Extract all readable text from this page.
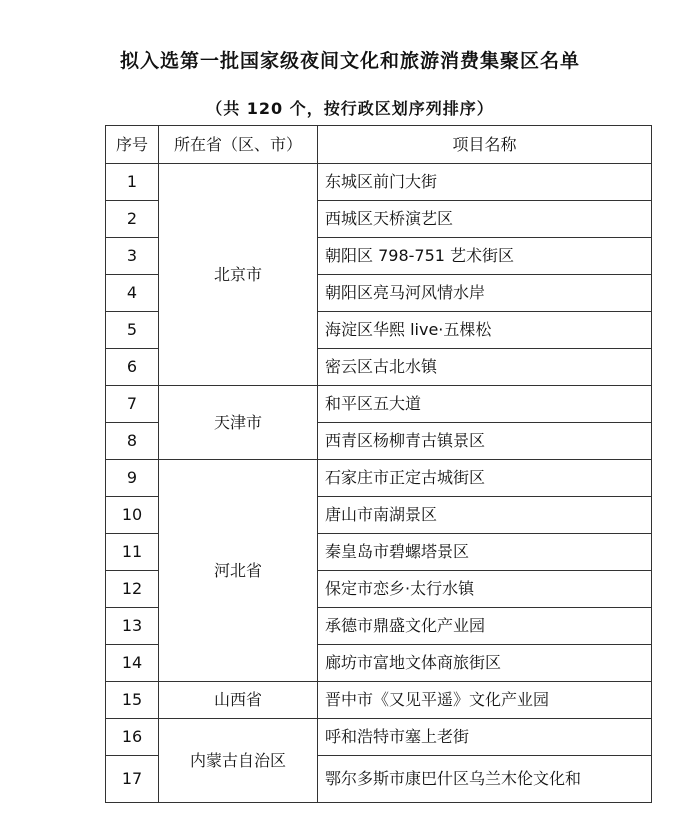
拟入选第一批国家级夜间文化和旅游消费集聚区名单
（共 120 个，按行政区划序列排序）
序号	所在省（区、市）	项目名称
1	北京市	东城区前门大街
2		西城区天桥演艺区
3		朝阳区 798-751 艺术街区
4		朝阳区亮马河风情水岸
5		海淀区华熙 live·五棵松
6		密云区古北水镇
7	天津市	和平区五大道
8		西青区杨柳青古镇景区
9	河北省	石家庄市正定古城街区
10		唐山市南湖景区
11		秦皇岛市碧螺塔景区
12		保定市恋乡·太行水镇
13		承德市鼎盛文化产业园
14		廊坊市富地文体商旅街区
15	山西省	晋中市《又见平遥》文化产业园
16	内蒙古自治区	呼和浩特市塞上老街
17		鄂尔多斯市康巴什区乌兰木伦文化和
